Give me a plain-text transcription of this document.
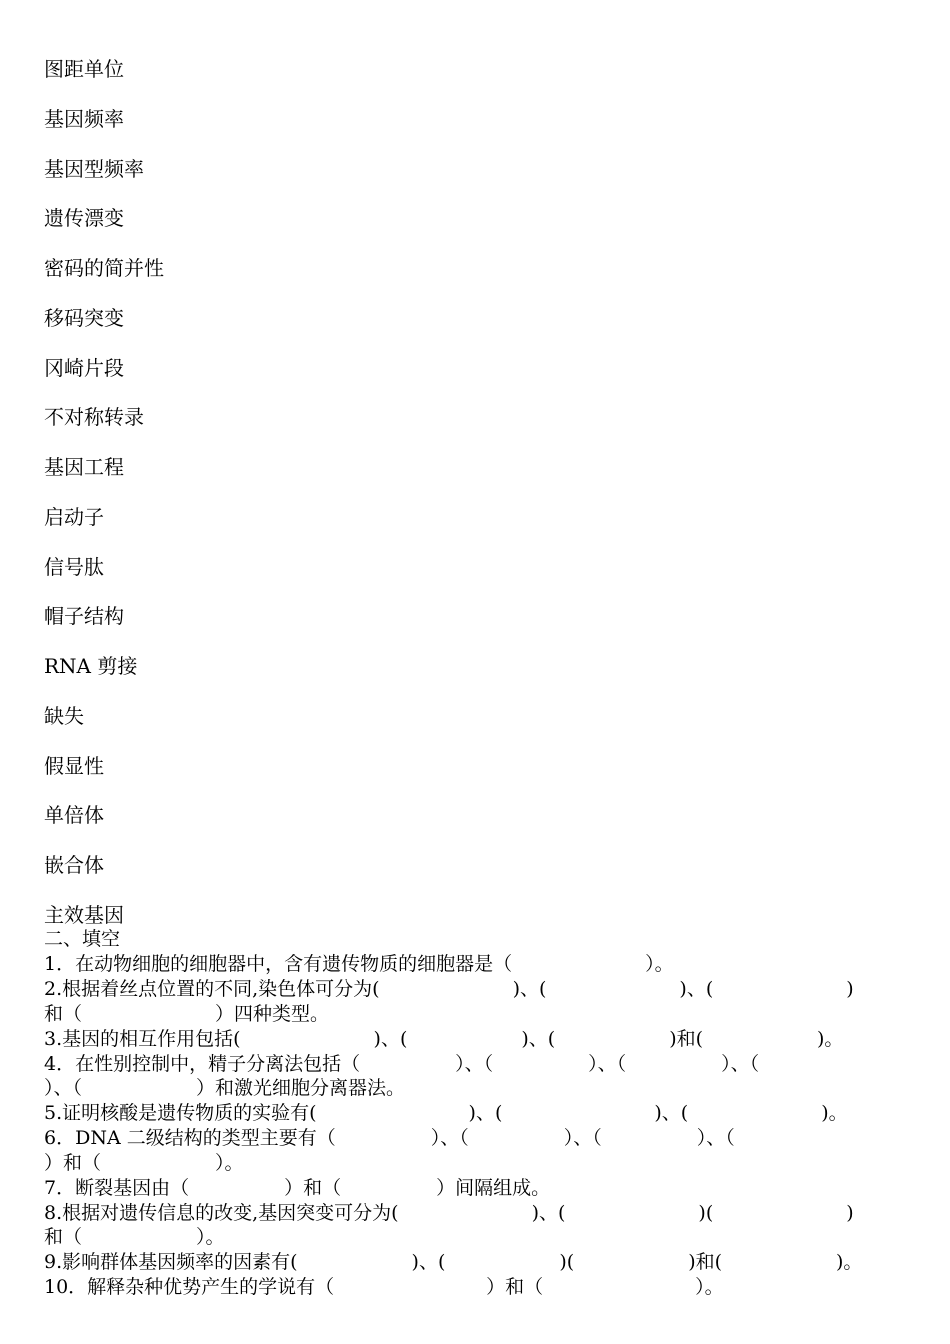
图距单位
基因频率
基因型频率
遗传漂变
密码的简并性
移码突变
冈崎片段
不对称转录
基因工程
启动子
信号肽
帽子结构
RNA 剪接
缺失
假显性
单倍体
嵌合体
主效基因
二、填空
1．在动物细胞的细胞器中，含有遗传物质的细胞器是（　　　　　　　）。
2.根据着丝点位置的不同,染色体可分为(　　　　　　　)、(　　　　　　　)、(　　　　　　　)
和（　　　　　　　）四种类型。
3.基因的相互作用包括(　　　　　　　)、(　　　　　　)、(　　　　　　)和(　　　　　　)。
4．在性别控制中，精子分离法包括（　　　　　）、（　　　　　）、（　　　　　）、（
）、（　　　　　　）和激光细胞分离器法。
5.证明核酸是遗传物质的实验有(　　　　　　　　)、(　　　　　　　　)、(　　　　　　　)。
6．DNA 二级结构的类型主要有（　　　　　）、（　　　　　）、（　　　　　）、（
）和（　　　　　　）。
7．断裂基因由（　　　　　）和（　　　　　）间隔组成。
8.根据对遗传信息的改变,基因突变可分为(　　　　　　　)、(　　　　　　　)(　　　　　　　)
和（　　　　　　）。
9.影响群体基因频率的因素有(　　　　　　)、(　　　　　　)(　　　　　　)和(　　　　　　)。
10．解释杂种优势产生的学说有（　　　　　　　　）和（　　　　　　　　）。
